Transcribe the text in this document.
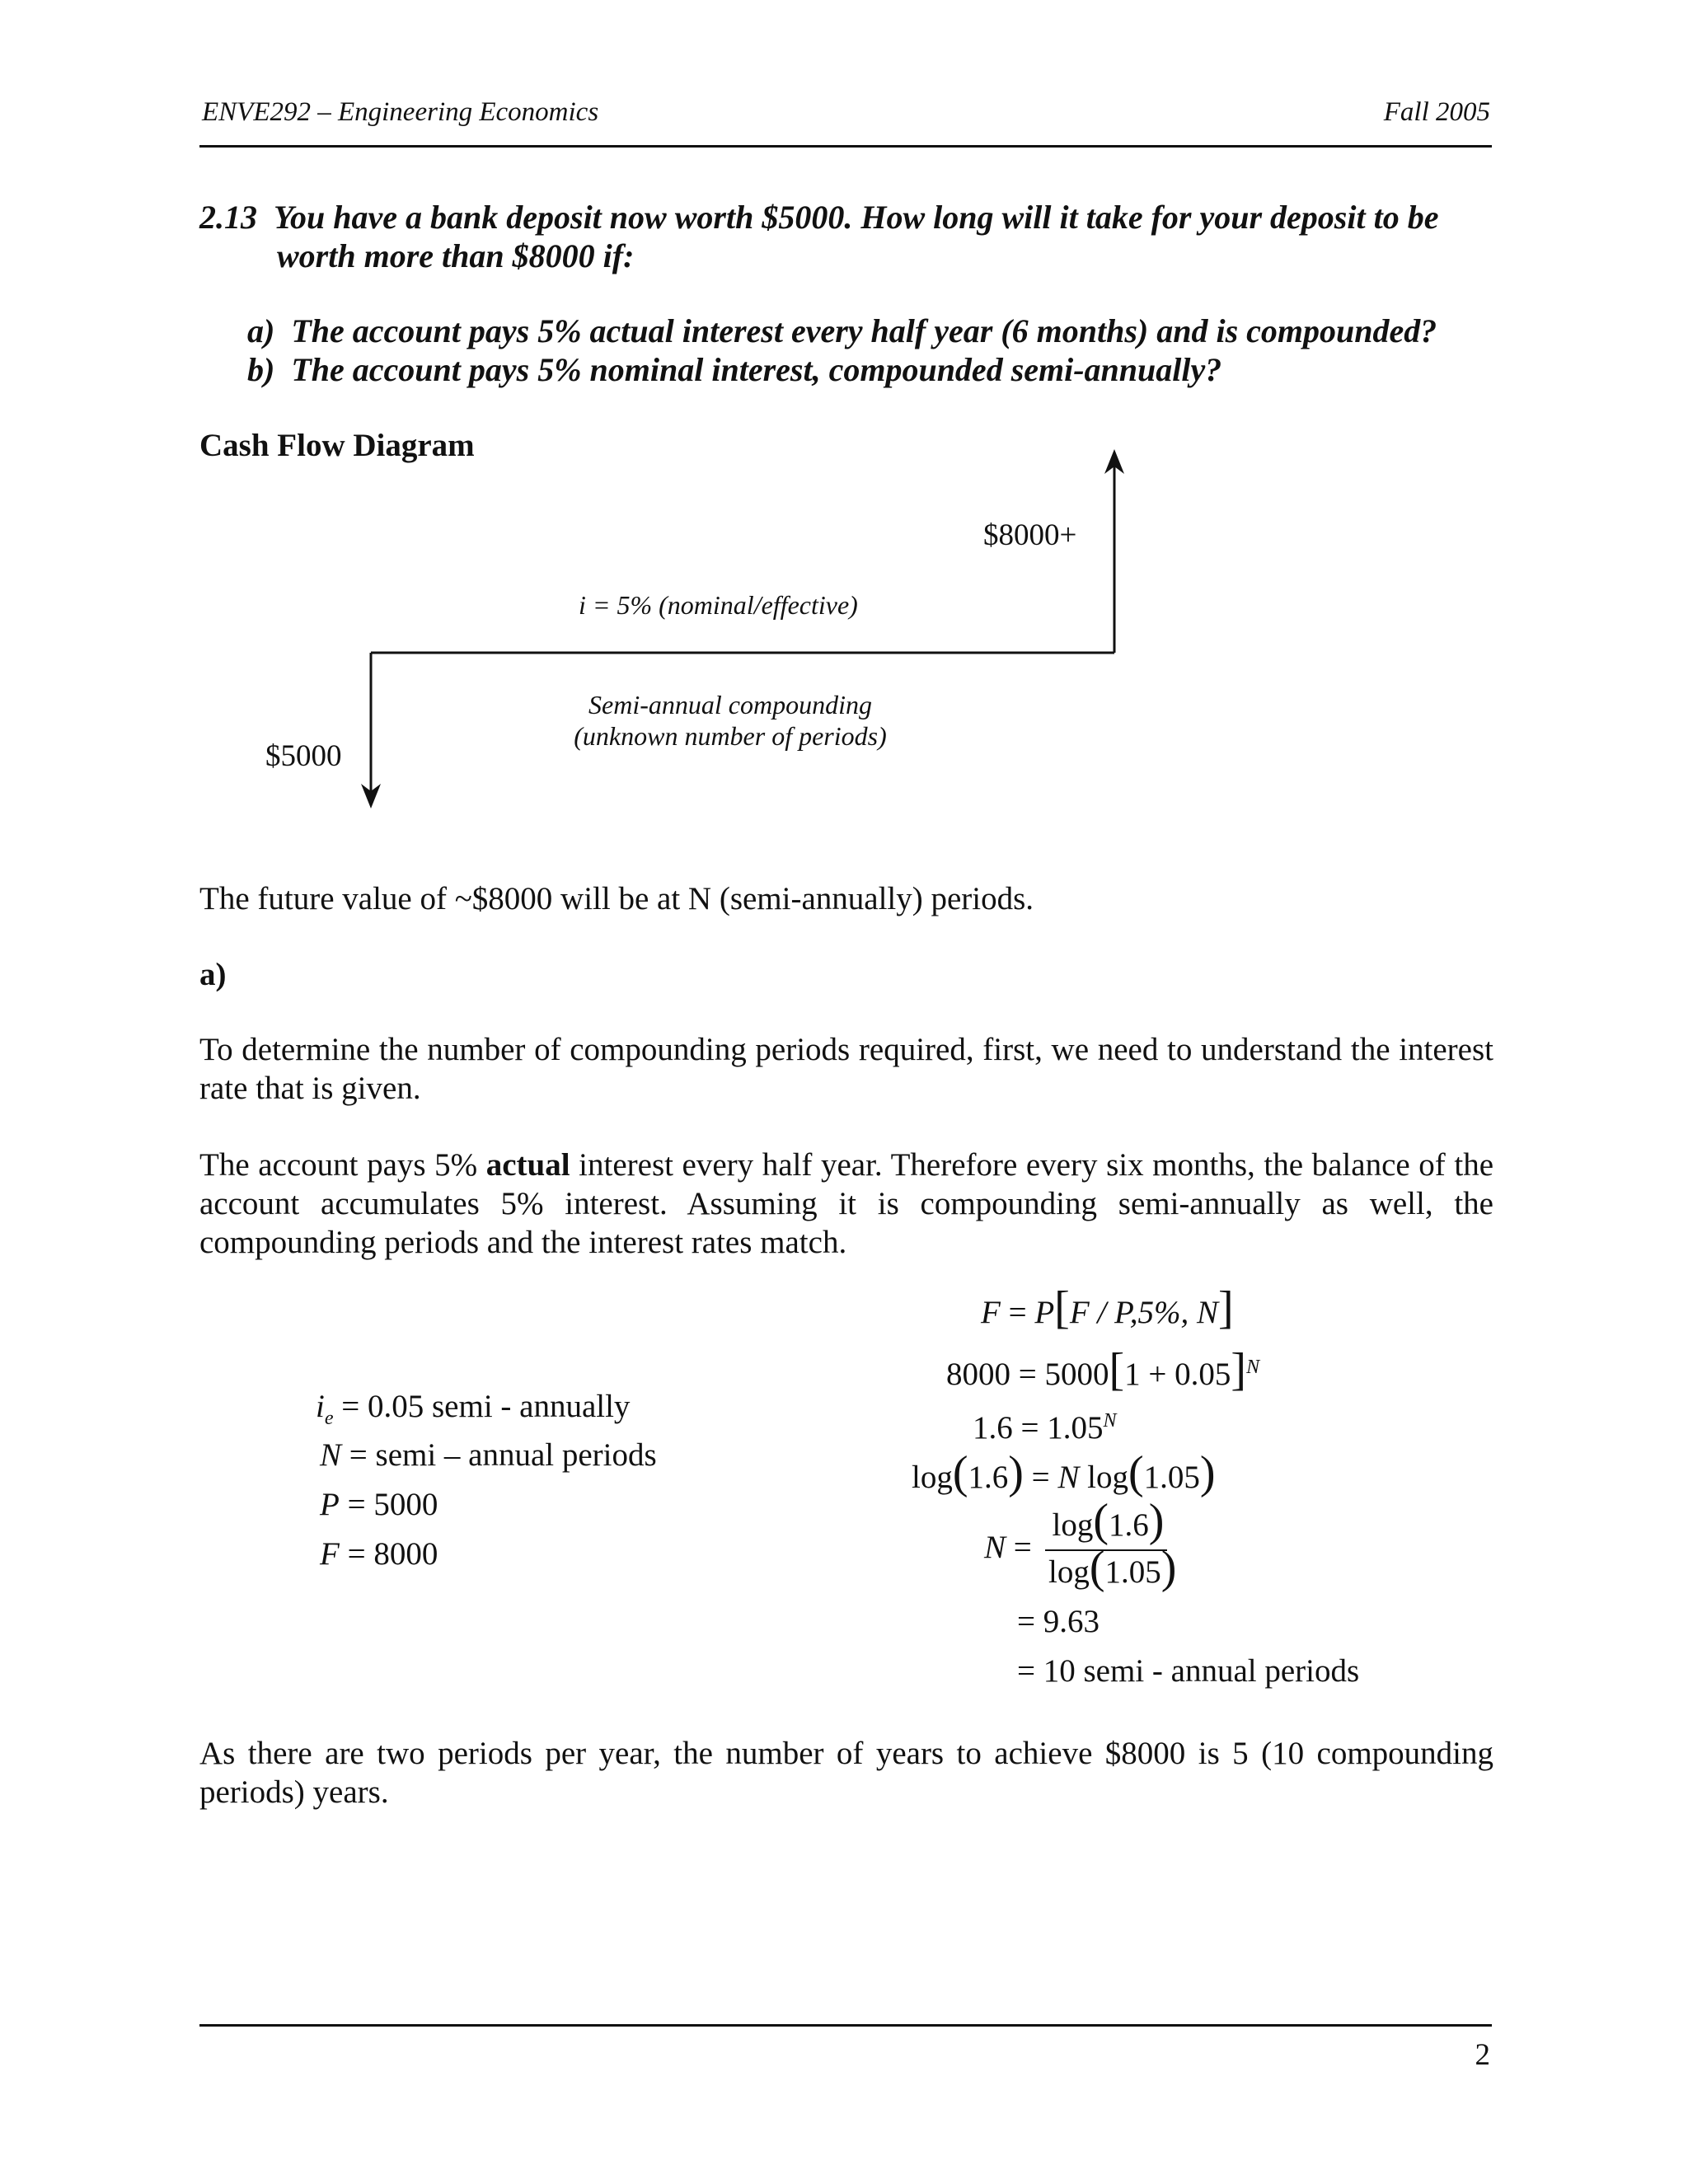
ENVE292 – Engineering Economics	Fall 2005
2.13 You have a bank deposit now worth $5000. How long will it take for your deposit to be
worth more than $8000 if:
a) The account pays 5% actual interest every half year (6 months) and is compounded?
b) The account pays 5% nominal interest, compounded semi-annually?
Cash Flow Diagram
$8000+
i = 5% (nominal/effective)
Semi-annual compounding
(unknown number of periods)
$5000
The future value of ~$8000 will be at N (semi-annually) periods.
a)
To determine the number of compounding periods required, first, we need to understand the interest rate that is given.
The account pays 5% actual interest every half year. Therefore every six months, the balance of the account accumulates 5% interest. Assuming it is compounding semi-annually as well, the compounding periods and the interest rates match.
$i_e = 0.05$ semi - annually
N = semi – annual periods
P = 5000
F = 8000
F = P[F / P,5%, N]
$8000 = 5000[1 + 0.05]^N$
$1.6 = 1.05^N$
log(1.6) = N log(1.05)
N =
log(1.6)
log(1.05)
= 9.63
= 10 semi - annual periods
As there are two periods per year, the number of years to achieve $8000 is 5 (10 compounding periods) years.
2
